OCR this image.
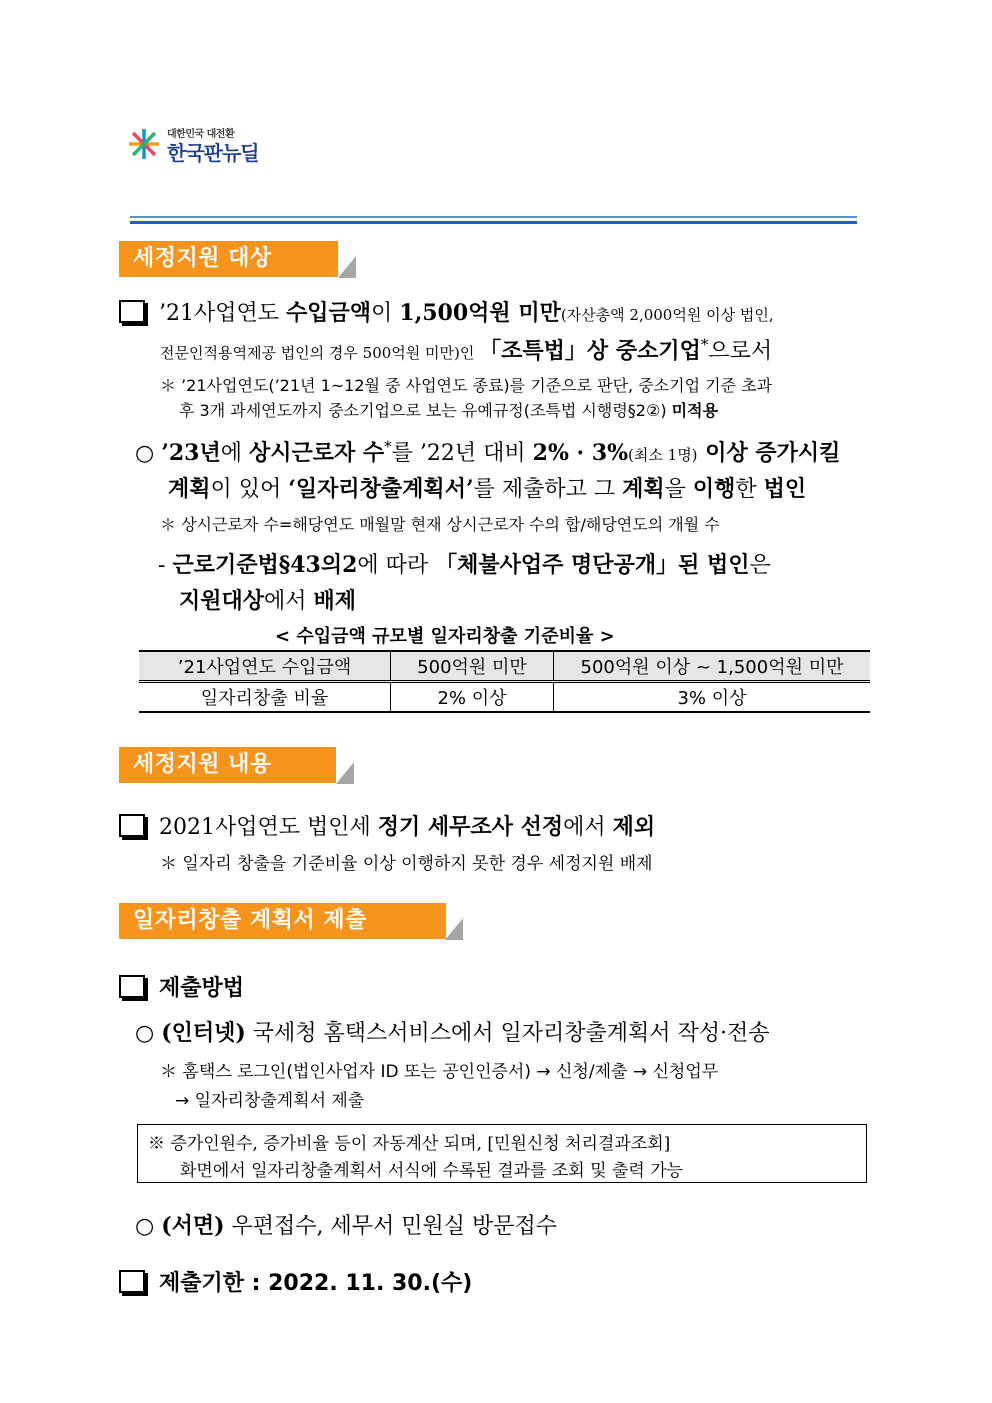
대한민국 대전환
한국판뉴딜
세정지원 대상
’21사업연도 수입금액이 1,500억원 미만(자산총액 2,000억원 이상 법인,
전문인적용역제공 법인의 경우 500억원 미만)인 「조특법」상 중소기업*으로서
＊ ’21사업연도(’21년 1~12월 중 사업연도 종료)를 기준으로 판단, 중소기업 기준 초과
후 3개 과세연도까지 중소기업으로 보는 유예규정(조특법 시행령§2②) 미적용
○ ’23년에 상시근로자 수*를 ’22년 대비 2% · 3%(최소 1명) 이상 증가시킬
계획이 있어 ‘일자리창출계획서’를 제출하고 그 계획을 이행한 법인
＊ 상시근로자 수=해당연도 매월말 현재 상시근로자 수의 합/해당연도의 개월 수
- 근로기준법§43의2에 따라 「체불사업주 명단공개」된 법인은
지원대상에서 배제
< 수입금액 규모별 일자리창출 기준비율 >
’21사업연도 수입금액	500억원 미만	500억원 이상 ~ 1,500억원 미만
일자리창출 비율	2% 이상	3% 이상
세정지원 내용
2021사업연도 법인세 정기 세무조사 선정에서 제외
＊ 일자리 창출을 기준비율 이상 이행하지 못한 경우 세정지원 배제
일자리창출 계획서 제출
제출방법
○ (인터넷) 국세청 홈택스서비스에서 일자리창출계획서 작성·전송
＊ 홈택스 로그인(법인사업자 ID 또는 공인인증서) → 신청/제출 → 신청업무
→ 일자리창출계획서 제출
※ 증가인원수, 증가비율 등이 자동계산 되며, [민원신청 처리결과조회]
화면에서 일자리창출계획서 서식에 수록된 결과를 조회 및 출력 가능
○ (서면) 우편접수, 세무서 민원실 방문접수
제출기한 : 2022. 11. 30.(수)
